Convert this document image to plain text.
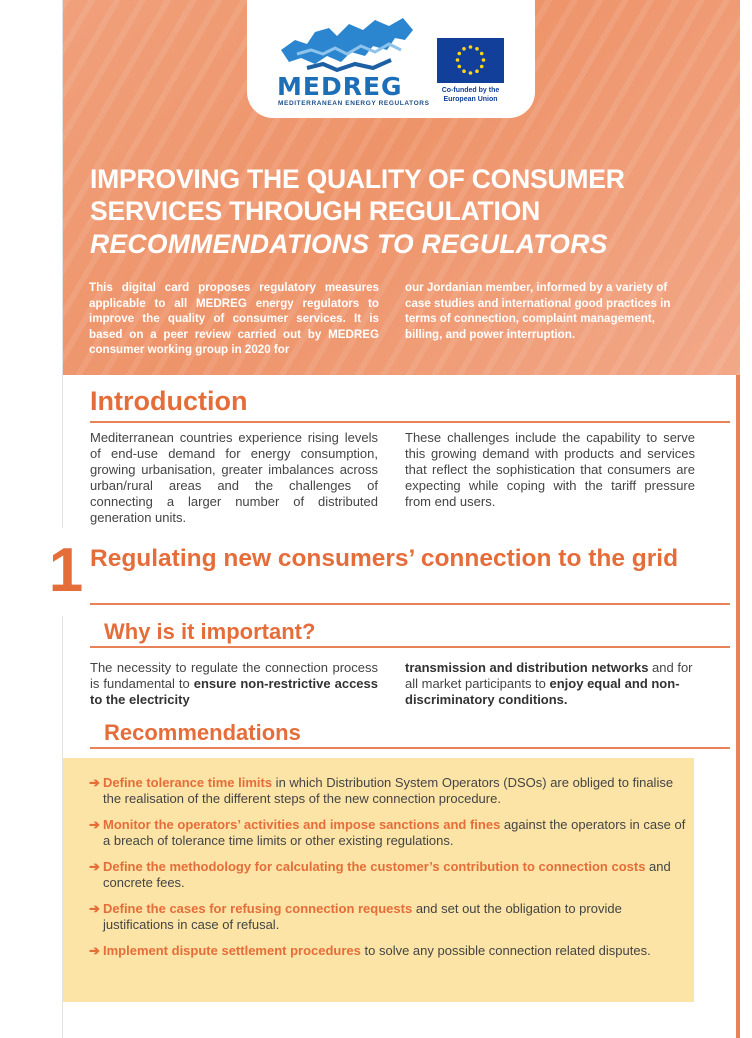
MEDREG
MEDITERRANEAN ENERGY REGULATORS
Co-funded by the European Union
IMPROVING THE QUALITY OF CONSUMER
SERVICES THROUGH REGULATION
RECOMMENDATIONS TO REGULATORS
This digital card proposes regulatory measures applicable to all MEDREG energy regulators to improve the quality of consumer services. It is based on a peer review carried out by MEDREG consumer working group in 2020 for
our Jordanian member, informed by a variety of case studies and international good practices in terms of connection, complaint management, billing, and power interruption.
Introduction
Mediterranean countries experience rising levels of end-use demand for energy consumption, growing urbanisation, greater imbalances across urban/rural areas and the challenges of connecting a larger number of distributed generation units.
These challenges include the capability to serve this growing demand with products and services that reflect the sophistication that consumers are expecting while coping with the tariff pressure from end users.
1 Regulating new consumers’ connection to the grid
Why is it important?
The necessity to regulate the connection process is fundamental to ensure non-restrictive access to the electricity
transmission and distribution networks and for all market participants to enjoy equal and non-discriminatory conditions.
Recommendations
➔ Define tolerance time limits in which Distribution System Operators (DSOs) are obliged to finalise the realisation of the different steps of the new connection procedure.
➔ Monitor the operators’ activities and impose sanctions and fines against the operators in case of a breach of tolerance time limits or other existing regulations.
➔ Define the methodology for calculating the customer’s contribution to connection costs and concrete fees.
➔ Define the cases for refusing connection requests and set out the obligation to provide justifications in case of refusal.
➔ Implement dispute settlement procedures to solve any possible connection related disputes.
